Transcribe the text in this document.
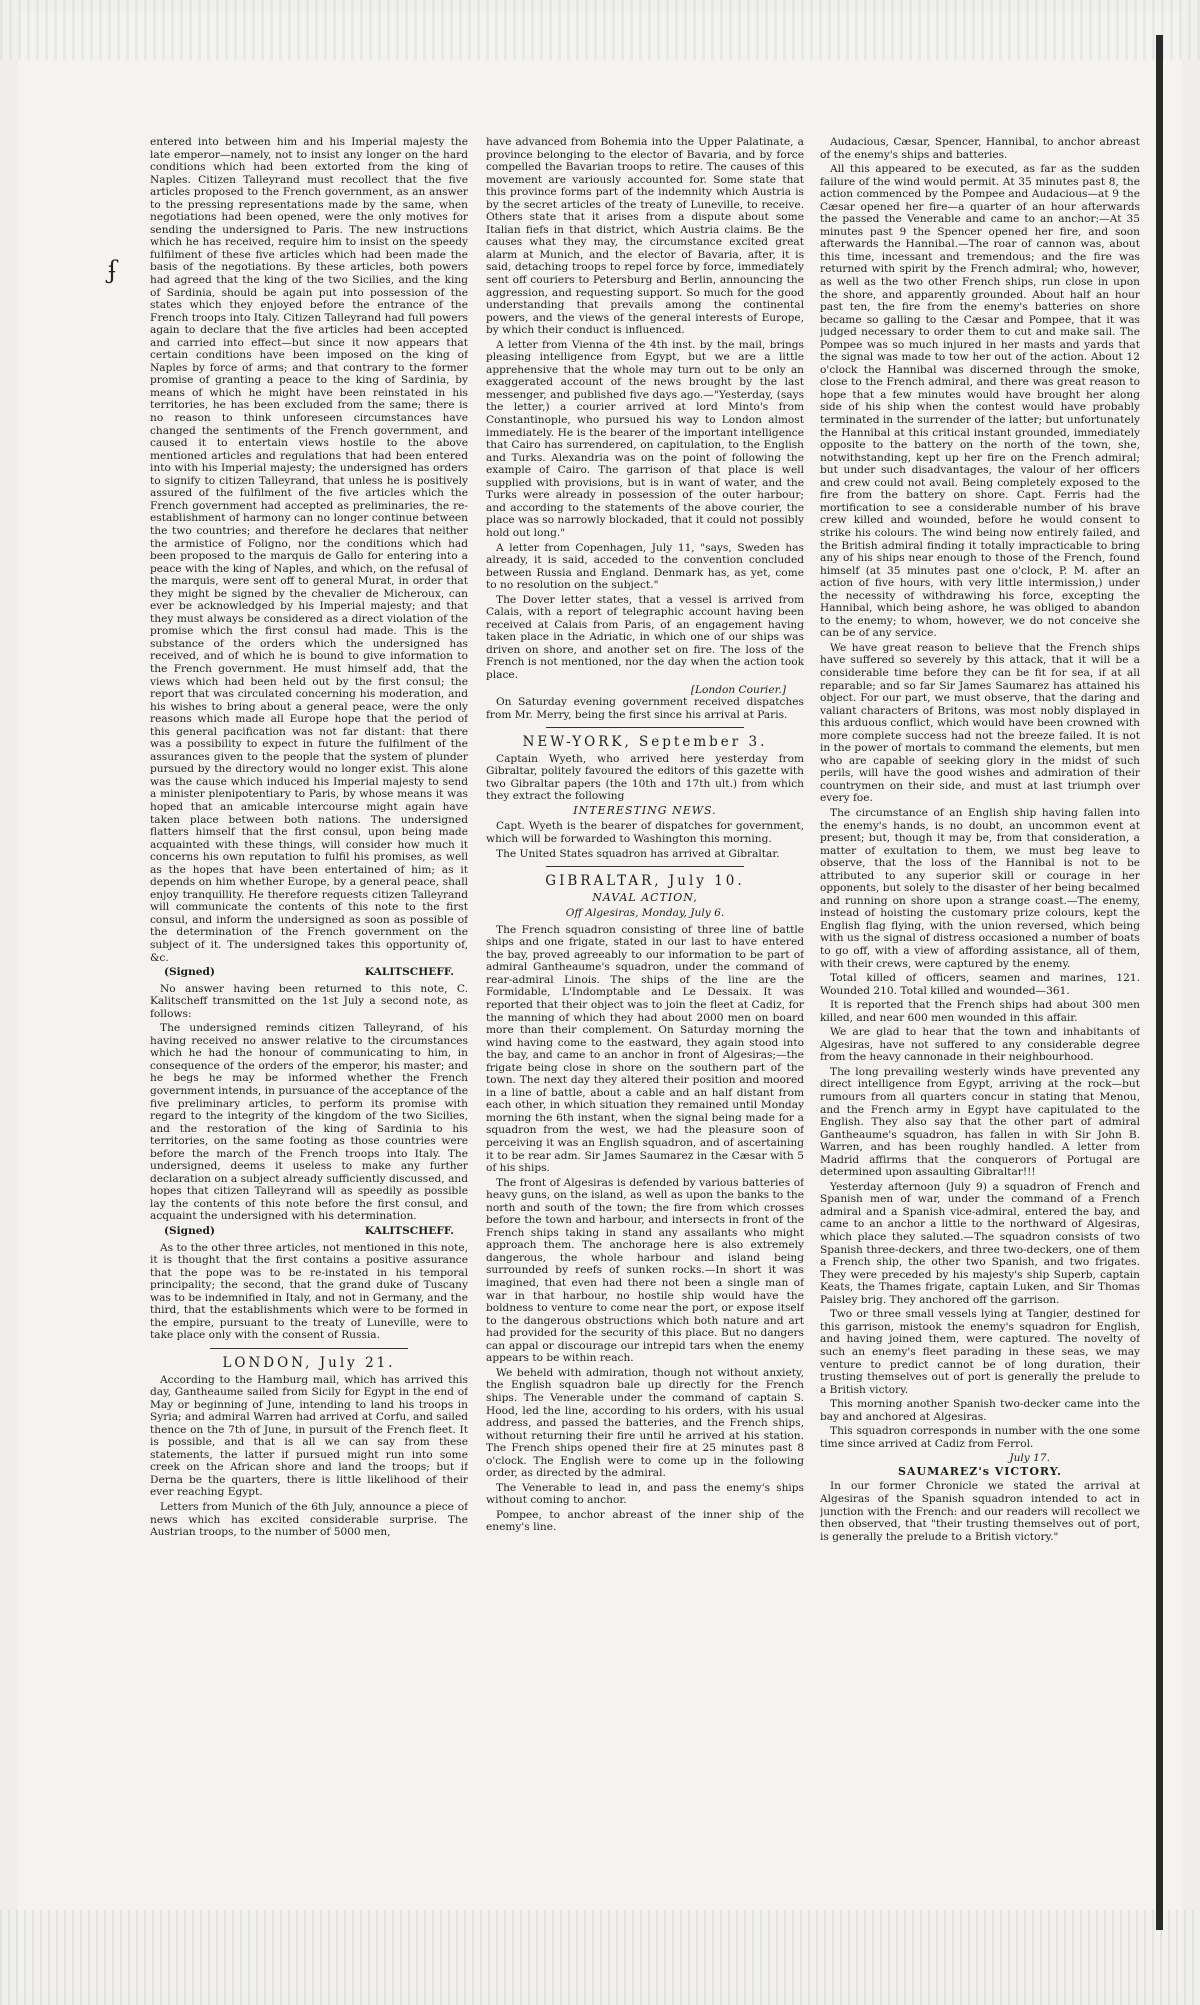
ʄ

entered into between him and his Imperial majesty the late emperor—namely, not to insist any longer on the hard conditions which had been extorted from the king of Naples. Citizen Talleyrand must recollect that the five articles proposed to the French government, as an answer to the pressing representations made by the same, when negotiations had been opened, were the only motives for sending the undersigned to Paris. The new instructions which he has received, require him to insist on the speedy fulfilment of these five articles which had been made the basis of the negotiations. By these articles, both powers had agreed that the king of the two Sicilies, and the king of Sardinia, should be again put into possession of the states which they enjoyed before the entrance of the French troops into Italy. Citizen Talleyrand had full powers again to declare that the five articles had been accepted and carried into effect—but since it now appears that certain conditions have been imposed on the king of Naples by force of arms; and that contrary to the former promise of granting a peace to the king of Sardinia, by means of which he might have been reinstated in his territories, he has been excluded from the same; there is no reason to think unforeseen circumstances have changed the sentiments of the French government, and caused it to entertain views hostile to the above mentioned articles and regulations that had been entered into with his Imperial majesty; the undersigned has orders to signify to citizen Talleyrand, that unless he is positively assured of the fulfilment of the five articles which the French government had accepted as preliminaries, the re-establishment of harmony can no longer continue between the two countries; and therefore he declares that neither the armistice of Foligno, nor the conditions which had been proposed to the marquis de Gallo for entering into a peace with the king of Naples, and which, on the refusal of the marquis, were sent off to general Murat, in order that they might be signed by the chevalier de Micheroux, can ever be acknowledged by his Imperial majesty; and that they must always be considered as a direct violation of the promise which the first consul had made. This is the substance of the orders which the undersigned has received, and of which he is bound to give information to the French government. He must himself add, that the views which had been held out by the first consul; the report that was circulated concerning his moderation, and his wishes to bring about a general peace, were the only reasons which made all Europe hope that the period of this general pacification was not far distant: that there was a possibility to expect in future the fulfilment of the assurances given to the people that the system of plunder pursued by the directory would no longer exist. This alone was the cause which induced his Imperial majesty to send a minister plenipotentiary to Paris, by whose means it was hoped that an amicable intercourse might again have taken place between both nations. The undersigned flatters himself that the first consul, upon being made acquainted with these things, will consider how much it concerns his own reputation to fulfil his promises, as well as the hopes that have been entertained of him; as it depends on him whether Europe, by a general peace, shall enjoy tranquillity. He therefore requests citizen Talleyrand will communicate the contents of this note to the first consul, and inform the undersigned as soon as possible of the determination of the French government on the subject of it. The undersigned takes this opportunity of, &c.

(Signed)	KALITSCHEFF.

No answer having been returned to this note, C. Kalitscheff transmitted on the 1st July a second note, as follows:

The undersigned reminds citizen Talleyrand, of his having received no answer relative to the circumstances which he had the honour of communicating to him, in consequence of the orders of the emperor, his master; and he begs he may be informed whether the French government intends, in pursuance of the acceptance of the five preliminary articles, to perform its promise with regard to the integrity of the kingdom of the two Sicilies, and the restoration of the king of Sardinia to his territories, on the same footing as those countries were before the march of the French troops into Italy. The undersigned, deems it useless to make any further declaration on a subject already sufficiently discussed, and hopes that citizen Talleyrand will as speedily as possible lay the contents of this note before the first consul, and acquaint the undersigned with his determination.

(Signed)	KALITSCHEFF.

As to the other three articles, not mentioned in this note, it is thought that the first contains a positive assurance that the pope was to be re-instated in his temporal principality; the second, that the grand duke of Tuscany was to be indemnified in Italy, and not in Germany, and the third, that the establishments which were to be formed in the empire, pursuant to the treaty of Luneville, were to take place only with the consent of Russia.

LONDON, July 21.

According to the Hamburg mail, which has arrived this day, Gantheaume sailed from Sicily for Egypt in the end of May or beginning of June, intending to land his troops in Syria; and admiral Warren had arrived at Corfu, and sailed thence on the 7th of June, in pursuit of the French fleet. It is possible, and that is all we can say from these statements, the latter if pursued might run into some creek on the African shore and land the troops; but if Derna be the quarters, there is little likelihood of their ever reaching Egypt.

Letters from Munich of the 6th July, announce a piece of news which has excited considerable surprise. The Austrian troops, to the number of 5000 men,

have advanced from Bohemia into the Upper Palatinate, a province belonging to the elector of Bavaria, and by force compelled the Bavarian troops to retire. The causes of this movement are variously accounted for. Some state that this province forms part of the indemnity which Austria is by the secret articles of the treaty of Luneville, to receive. Others state that it arises from a dispute about some Italian fiefs in that district, which Austria claims. Be the causes what they may, the circumstance excited great alarm at Munich, and the elector of Bavaria, after, it is said, detaching troops to repel force by force, immediately sent off couriers to Petersburg and Berlin, announcing the aggression, and requesting support. So much for the good understanding that prevails among the continental powers, and the views of the general interests of Europe, by which their conduct is influenced.

A letter from Vienna of the 4th inst. by the mail, brings pleasing intelligence from Egypt, but we are a little apprehensive that the whole may turn out to be only an exaggerated account of the news brought by the last messenger, and published five days ago.—"Yesterday, (says the letter,) a courier arrived at lord Minto's from Constantinople, who pursued his way to London almost immediately. He is the bearer of the important intelligence that Cairo has surrendered, on capitulation, to the English and Turks. Alexandria was on the point of following the example of Cairo. The garrison of that place is well supplied with provisions, but is in want of water, and the Turks were already in possession of the outer harbour; and according to the statements of the above courier, the place was so narrowly blockaded, that it could not possibly hold out long."

A letter from Copenhagen, July 11, "says, Sweden has already, it is said, acceded to the convention concluded between Russia and England. Denmark has, as yet, come to no resolution on the subject."

The Dover letter states, that a vessel is arrived from Calais, with a report of telegraphic account having been received at Calais from Paris, of an engagement having taken place in the Adriatic, in which one of our ships was driven on shore, and another set on fire. The loss of the French is not mentioned, nor the day when the action took place.

[London Courier.]

On Saturday evening government received dispatches from Mr. Merry, being the first since his arrival at Paris.

NEW-YORK, September 3.

Captain Wyeth, who arrived here yesterday from Gibraltar, politely favoured the editors of this gazette with two Gibraltar papers (the 10th and 17th ult.) from which they extract the following

INTERESTING NEWS.

Capt. Wyeth is the bearer of dispatches for government, which will be forwarded to Washington this morning.

The United States squadron has arrived at Gibraltar.

GIBRALTAR, July 10.
NAVAL ACTION,
Off Algesiras, Monday, July 6.

The French squadron consisting of three line of battle ships and one frigate, stated in our last to have entered the bay, proved agreeably to our information to be part of admiral Gantheaume's squadron, under the command of rear-admiral Linois. The ships of the line are the Formidable, L'Indomptable and Le Dessaix. It was reported that their object was to join the fleet at Cadiz, for the manning of which they had about 2000 men on board more than their complement. On Saturday morning the wind having come to the eastward, they again stood into the bay, and came to an anchor in front of Algesiras;—the frigate being close in shore on the southern part of the town. The next day they altered their position and moored in a line of battle, about a cable and an half distant from each other, in which situation they remained until Monday morning the 6th instant, when the signal being made for a squadron from the west, we had the pleasure soon of perceiving it was an English squadron, and of ascertaining it to be rear adm. Sir James Saumarez in the Cæsar with 5 of his ships.

The front of Algesiras is defended by various batteries of heavy guns, on the island, as well as upon the banks to the north and south of the town; the fire from which crosses before the town and harbour, and intersects in front of the French ships taking in stand any assailants who might approach them. The anchorage here is also extremely dangerous, the whole harbour and island being surrounded by reefs of sunken rocks.—In short it was imagined, that even had there not been a single man of war in that harbour, no hostile ship would have the boldness to venture to come near the port, or expose itself to the dangerous obstructions which both nature and art had provided for the security of this place. But no dangers can appal or discourage our intrepid tars when the enemy appears to be within reach.

We beheld with admiration, though not without anxiety, the English squadron bale up directly for the French ships. The Venerable under the command of captain S. Hood, led the line, according to his orders, with his usual address, and passed the batteries, and the French ships, without returning their fire until he arrived at his station. The French ships opened their fire at 25 minutes past 8 o'clock. The English were to come up in the following order, as directed by the admiral.

The Venerable to lead in, and pass the enemy's ships without coming to anchor.

Pompee, to anchor abreast of the inner ship of the enemy's line.

Audacious, Cæsar, Spencer, Hannibal, to anchor abreast of the enemy's ships and batteries.

All this appeared to be executed, as far as the sudden failure of the wind would permit. At 35 minutes past 8, the action commenced by the Pompee and Audacious—at 9 the Cæsar opened her fire—a quarter of an hour afterwards the passed the Venerable and came to an anchor:—At 35 minutes past 9 the Spencer opened her fire, and soon afterwards the Hannibal.—The roar of cannon was, about this time, incessant and tremendous; and the fire was returned with spirit by the French admiral; who, however, as well as the two other French ships, run close in upon the shore, and apparently grounded. About half an hour past ten, the fire from the enemy's batteries on shore became so galling to the Cæsar and Pompee, that it was judged necessary to order them to cut and make sail. The Pompee was so much injured in her masts and yards that the signal was made to tow her out of the action. About 12 o'clock the Hannibal was discerned through the smoke, close to the French admiral, and there was great reason to hope that a few minutes would have brought her along side of his ship when the contest would have probably terminated in the surrender of the latter; but unfortunately the Hannibal at this critical instant grounded, immediately opposite to the battery on the north of the town, she, notwithstanding, kept up her fire on the French admiral; but under such disadvantages, the valour of her officers and crew could not avail. Being completely exposed to the fire from the battery on shore. Capt. Ferris had the mortification to see a considerable number of his brave crew killed and wounded, before he would consent to strike his colours. The wind being now entirely failed, and the British admiral finding it totally impracticable to bring any of his ships near enough to those of the French, found himself (at 35 minutes past one o'clock, P. M. after an action of five hours, with very little intermission,) under the necessity of withdrawing his force, excepting the Hannibal, which being ashore, he was obliged to abandon to the enemy; to whom, however, we do not conceive she can be of any service.

We have great reason to believe that the French ships have suffered so severely by this attack, that it will be a considerable time before they can be fit for sea, if at all reparable; and so far Sir James Saumarez has attained his object. For our part, we must observe, that the daring and valiant characters of Britons, was most nobly displayed in this arduous conflict, which would have been crowned with more complete success had not the breeze failed. It is not in the power of mortals to command the elements, but men who are capable of seeking glory in the midst of such perils, will have the good wishes and admiration of their countrymen on their side, and must at last triumph over every foe.

The circumstance of an English ship having fallen into the enemy's hands, is no doubt, an uncommon event at present; but, though it may be, from that consideration, a matter of exultation to them, we must beg leave to observe, that the loss of the Hannibal is not to be attributed to any superior skill or courage in her opponents, but solely to the disaster of her being becalmed and running on shore upon a strange coast.—The enemy, instead of hoisting the customary prize colours, kept the English flag flying, with the union reversed, which being with us the signal of distress occasioned a number of boats to go off, with a view of affording assistance, all of them, with their crews, were captured by the enemy.

Total killed of officers, seamen and marines, 121. Wounded 210. Total killed and wounded—361.

It is reported that the French ships had about 300 men killed, and near 600 men wounded in this affair.

We are glad to hear that the town and inhabitants of Algesiras, have not suffered to any considerable degree from the heavy cannonade in their neighbourhood.

The long prevailing westerly winds have prevented any direct intelligence from Egypt, arriving at the rock—but rumours from all quarters concur in stating that Menou, and the French army in Egypt have capitulated to the English. They also say that the other part of admiral Gantheaume's squadron, has fallen in with Sir John B. Warren, and has been roughly handled. A letter from Madrid affirms that the conquerors of Portugal are determined upon assaulting Gibraltar!!!

Yesterday afternoon (July 9) a squadron of French and Spanish men of war, under the command of a French admiral and a Spanish vice-admiral, entered the bay, and came to an anchor a little to the northward of Algesiras, which place they saluted.—The squadron consists of two Spanish three-deckers, and three two-deckers, one of them a French ship, the other two Spanish, and two frigates. They were preceded by his majesty's ship Superb, captain Keats, the Thames frigate, captain Luken, and Sir Thomas Paisley brig. They anchored off the garrison.

Two or three small vessels lying at Tangier, destined for this garrison, mistook the enemy's squadron for English, and having joined them, were captured. The novelty of such an enemy's fleet parading in these seas, we may venture to predict cannot be of long duration, their trusting themselves out of port is generally the prelude to a British victory.

This morning another Spanish two-decker came into the bay and anchored at Algesiras.

This squadron corresponds in number with the one some time since arrived at Cadiz from Ferrol.

July 17.
SAUMAREZ's VICTORY.

In our former Chronicle we stated the arrival at Algesiras of the Spanish squadron intended to act in junction with the French: and our readers will recollect we then observed, that "their trusting themselves out of port, is generally the prelude to a British victory."
